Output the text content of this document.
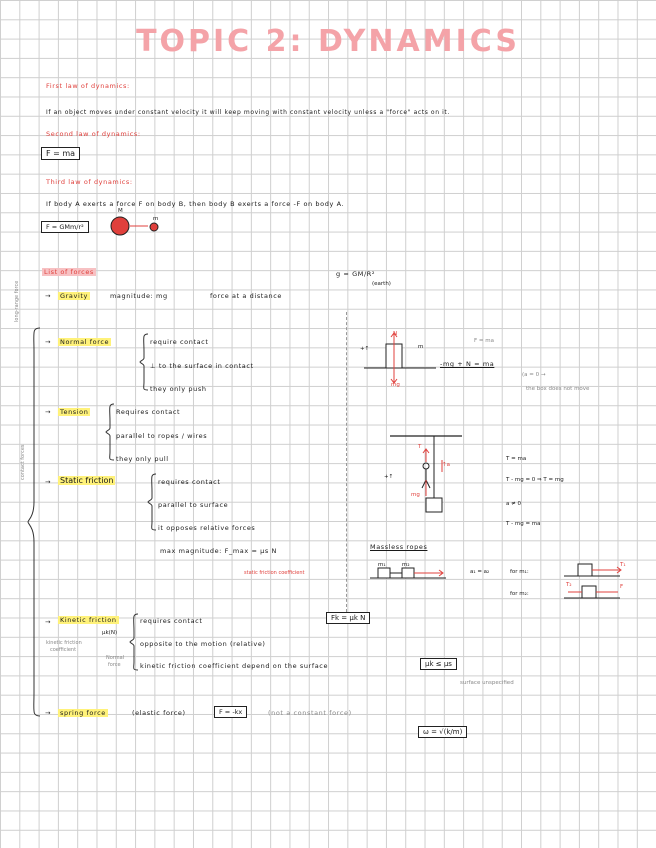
TOPIC 2: DYNAMICS
First law of dynamics:
If an object moves under constant velocity it will keep moving with constant velocity unless a "force" acts on it.
Second law of dynamics:
F = ma
Third law of dynamics:
If body A exerts a force F on body B, then body B exerts a force -F on body A.
F = GMm/r²
M
m
long-range force
List of forces
→	Gravity	magnitude: mg	force at a distance
g = GM/R²
(earth)
contact forces
→	Normal force	require contact
⊥ to the surface in contact
they only push
N
mg
+↑	m
F = ma
-mg + N = ma
(a = 0 →
the box does not move
→	Tension	Requires contact
parallel to ropes / wires
they only pull
T
mg
+↑
↑a
T = ma
T - mg = 0 ⇒ T = mg
a ≠ 0
T - mg = ma
→ Static friction	requires contact
parallel to surface
it opposes relative forces
max magnitude: F_max = μs N
static friction coefficient
Massless ropes
m₁	m₂
a₁ = a₂	for m₁:
for m₂:
T₁
T₂	F
→	Kinetic friction	requires contact
opposite to the motion (relative)
kinetic friction coefficient depend on the surface
μk(N)
kinetic friction
coefficient
Normal
force
Fk = μk N
μk ≤ μs
surface unspecified
→	spring force	(elastic force)	F = -kx	(not a constant force)
ω = √(k/m)
